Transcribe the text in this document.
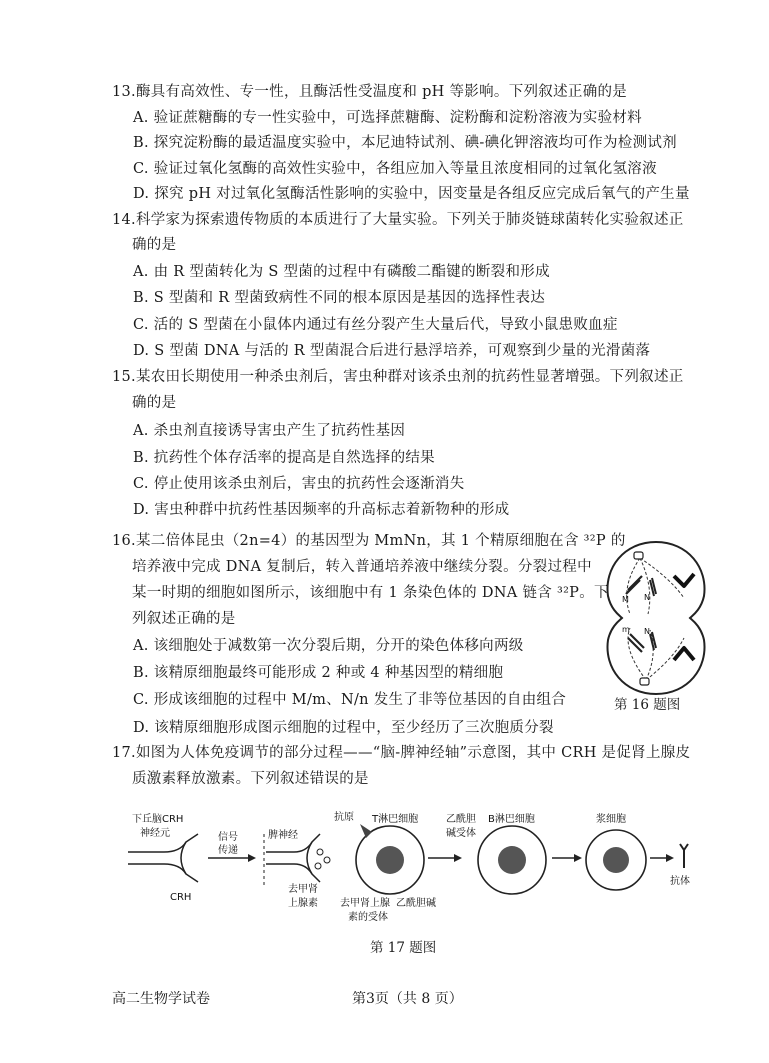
13.酶具有高效性、专一性，且酶活性受温度和 pH 等影响。下列叙述正确的是
A. 验证蔗糖酶的专一性实验中，可选择蔗糖酶、淀粉酶和淀粉溶液为实验材料
B. 探究淀粉酶的最适温度实验中，本尼迪特试剂、碘-碘化钾溶液均可作为检测试剂
C. 验证过氧化氢酶的高效性实验中，各组应加入等量且浓度相同的过氧化氢溶液
D. 探究 pH 对过氧化氢酶活性影响的实验中，因变量是各组反应完成后氧气的产生量
14.科学家为探索遗传物质的本质进行了大量实验。下列关于肺炎链球菌转化实验叙述正
确的是
A. 由 R 型菌转化为 S 型菌的过程中有磷酸二酯键的断裂和形成
B. S 型菌和 R 型菌致病性不同的根本原因是基因的选择性表达
C. 活的 S 型菌在小鼠体内通过有丝分裂产生大量后代，导致小鼠患败血症
D. S 型菌 DNA 与活的 R 型菌混合后进行悬浮培养，可观察到少量的光滑菌落
15.某农田长期使用一种杀虫剂后，害虫种群对该杀虫剂的抗药性显著增强。下列叙述正
确的是
A. 杀虫剂直接诱导害虫产生了抗药性基因
B. 抗药性个体存活率的提高是自然选择的结果
C. 停止使用该杀虫剂后，害虫的抗药性会逐渐消失
D. 害虫种群中抗药性基因频率的升高标志着新物种的形成
16.某二倍体昆虫（2n=4）的基因型为 MmNn，其 1 个精原细胞在含 ³²P 的
培养液中完成 DNA 复制后，转入普通培养液中继续分裂。分裂过程中
某一时期的细胞如图所示，该细胞中有 1 条染色体的 DNA 链含 ³²P。下
列叙述正确的是
A. 该细胞处于减数第一次分裂后期，分开的染色体移向两级
B. 该精原细胞最终可能形成 2 种或 4 种基因型的精细胞
C. 形成该细胞的过程中 M/m、N/n 发生了非等位基因的自由组合
D. 该精原细胞形成图示细胞的过程中，至少经历了三次胞质分裂
M N
m N
第 16 题图
17.如图为人体免疫调节的部分过程——“脑-脾神经轴”示意图，其中 CRH 是促肾上腺皮
质激素释放激素。下列叙述错误的是
下丘脑CRH
神经元
CRH
信号
传递
脾神经
去甲肾
上腺素
抗原 T淋巴细胞
去甲肾上腺
素的受体
乙酰胆碱
乙酰胆
碱受体
B淋巴细胞	浆细胞
抗体
第 17 题图
高二生物学试卷	第3页（共 8 页）
